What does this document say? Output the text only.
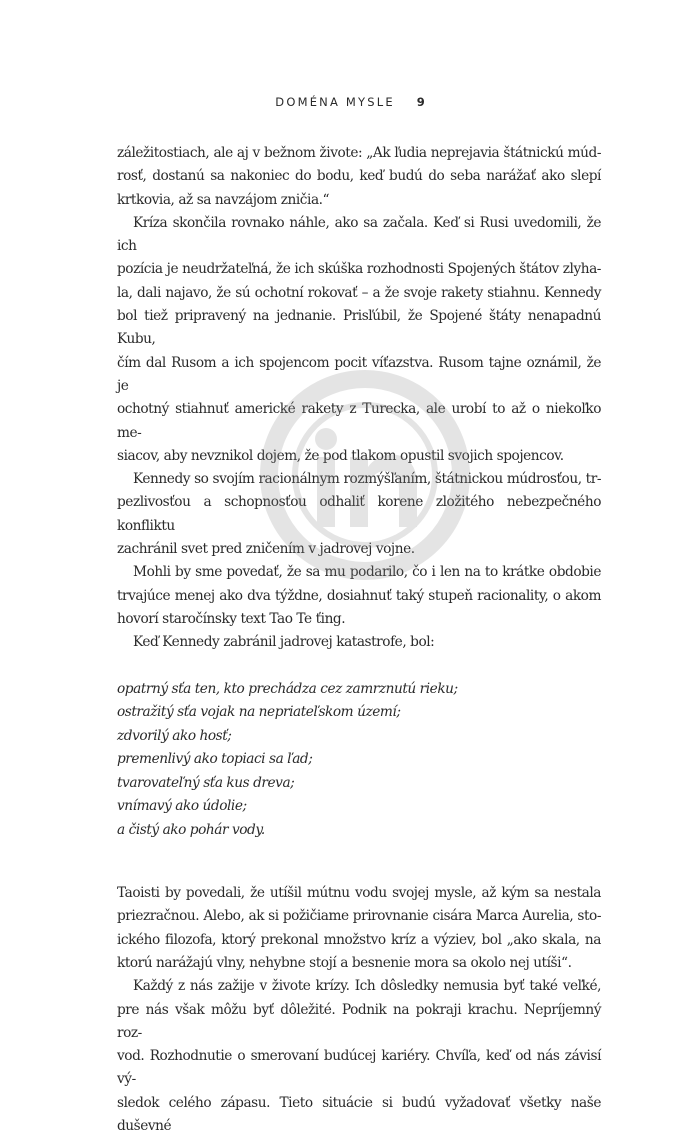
DOMÉNA MYSLE 9

záležitostiach, ale aj v bežnom živote: „Ak ľudia neprejavia štátnickú múd-
rosť, dostanú sa nakoniec do bodu, keď budú do seba narážať ako slepí
krtkovia, až sa navzájom zničia.“

Kríza skončila rovnako náhle, ako sa začala. Keď si Rusi uvedomili, že ich
pozícia je neudržateľná, že ich skúška rozhodnosti Spojených štátov zlyha-
la, dali najavo, že sú ochotní rokovať – a že svoje rakety stiahnu. Kennedy
bol tiež pripravený na jednanie. Prisľúbil, že Spojené štáty nenapadnú Kubu,
čím dal Rusom a ich spojencom pocit víťazstva. Rusom tajne oznámil, že je
ochotný stiahnuť americké rakety z Turecka, ale urobí to až o niekoľko me-
siacov, aby nevznikol dojem, že pod tlakom opustil svojich spojencov.

Kennedy so svojím racionálnym rozmýšľaním, štátnickou múdrosťou, tr-
pezlivosťou a schopnosťou odhaliť korene zložitého nebezpečného konfliktu
zachránil svet pred zničením v jadrovej vojne.

Mohli by sme povedať, že sa mu podarilo, čo i len na to krátke obdobie
trvajúce menej ako dva týždne, dosiahnuť taký stupeň racionality, o akom
hovorí staročínsky text Tao Te ťing.

Keď Kennedy zabránil jadrovej katastrofe, bol:

opatrný sťa ten, kto prechádza cez zamrznutú rieku;
ostražitý sťa vojak na nepriateľskom území;
zdvorilý ako hosť;
premenlivý ako topiaci sa ľad;
tvarovateľný sťa kus dreva;
vnímavý ako údolie;
a čistý ako pohár vody.

Taoisti by povedali, že utíšil mútnu vodu svojej mysle, až kým sa nestala
priezračnou. Alebo, ak si požičiame prirovnanie cisára Marca Aurelia, sto-
ického filozofa, ktorý prekonal množstvo kríz a výziev, bol „ako skala, na
ktorú narážajú vlny, nehybne stojí a besnenie mora sa okolo nej utíši“.

Každý z nás zažije v živote krízy. Ich dôsledky nemusia byť také veľké,
pre nás však môžu byť dôležité. Podnik na pokraji krachu. Nepríjemný roz-
vod. Rozhodnutie o smerovaní budúcej kariéry. Chvíľa, keď od nás závisí vý-
sledok celého zápasu. Tieto situácie si budú vyžadovať všetky naše duševné
